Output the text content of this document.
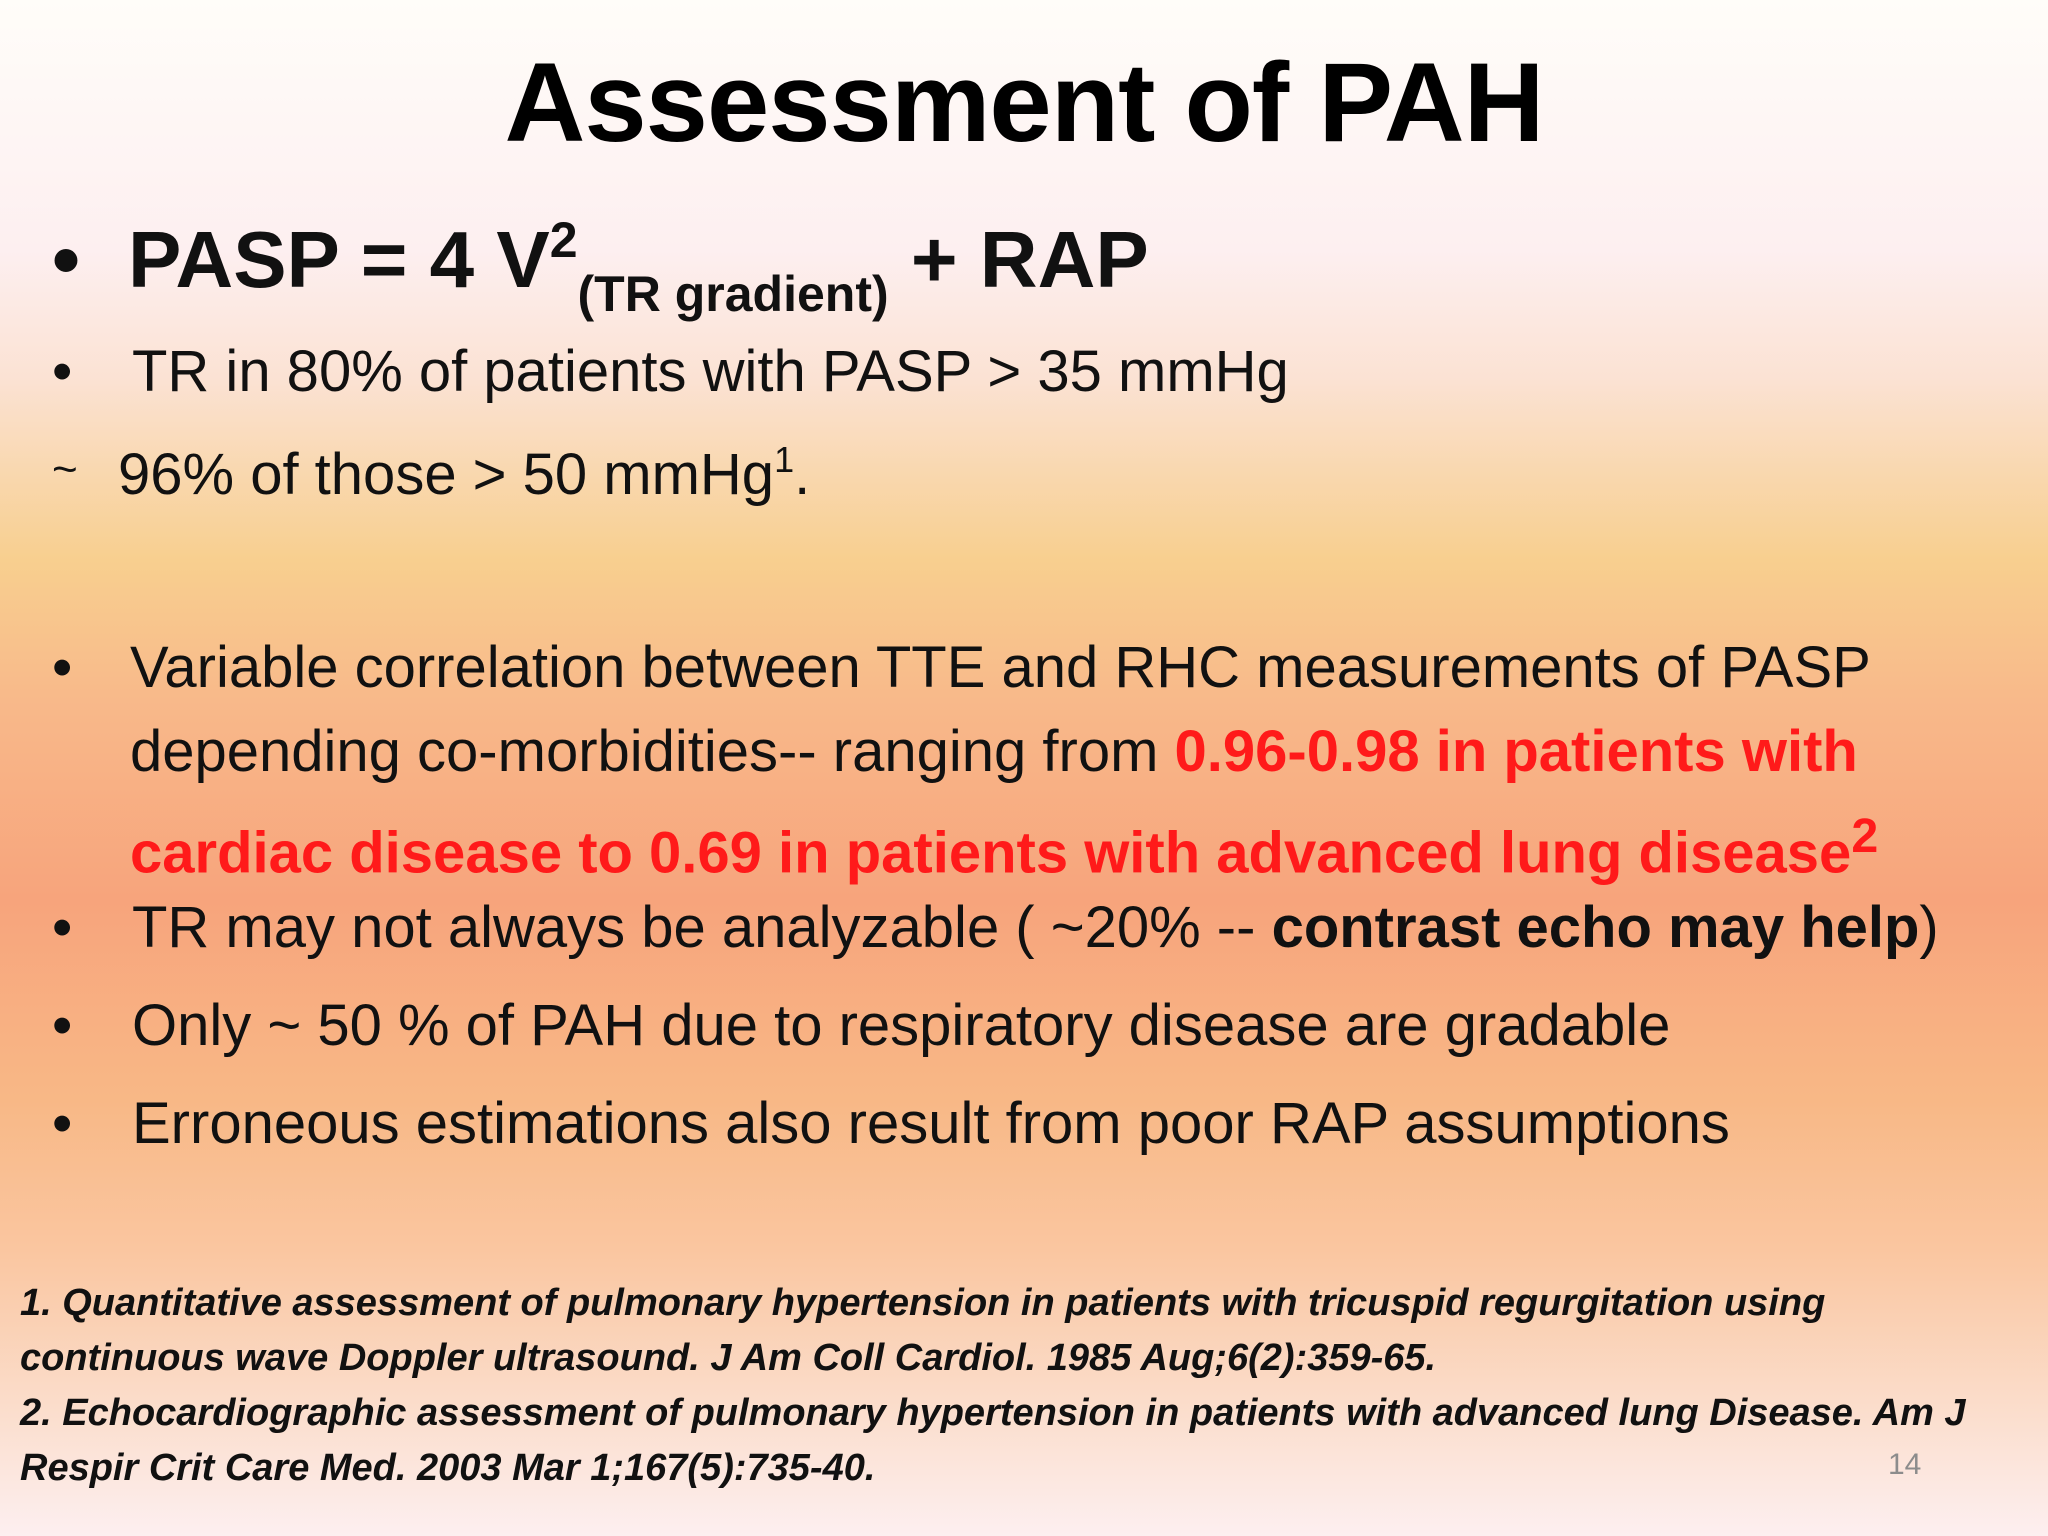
Assessment of PAH
• PASP = 4 $V^2_{(TR gradient)}$ + RAP
• TR in 80% of patients with PASP > 35 mmHg
~ 96% of those > 50 mmHg$^1$.
• Variable correlation between TTE and RHC measurements of PASP depending co-morbidities-- ranging from 0.96-0.98 in patients with cardiac disease to 0.69 in patients with advanced lung disease$^2$
• TR may not always be analyzable ( ~20% -- contrast echo may help)
• Only ~ 50 % of PAH due to respiratory disease are gradable
• Erroneous estimations also result from poor RAP assumptions
1. Quantitative assessment of pulmonary hypertension in patients with tricuspid regurgitation using continuous wave Doppler ultrasound. J Am Coll Cardiol. 1985 Aug;6(2):359-65.
2. Echocardiographic assessment of pulmonary hypertension in patients with advanced lung Disease. Am J Respir Crit Care Med. 2003 Mar 1;167(5):735-40.	14
